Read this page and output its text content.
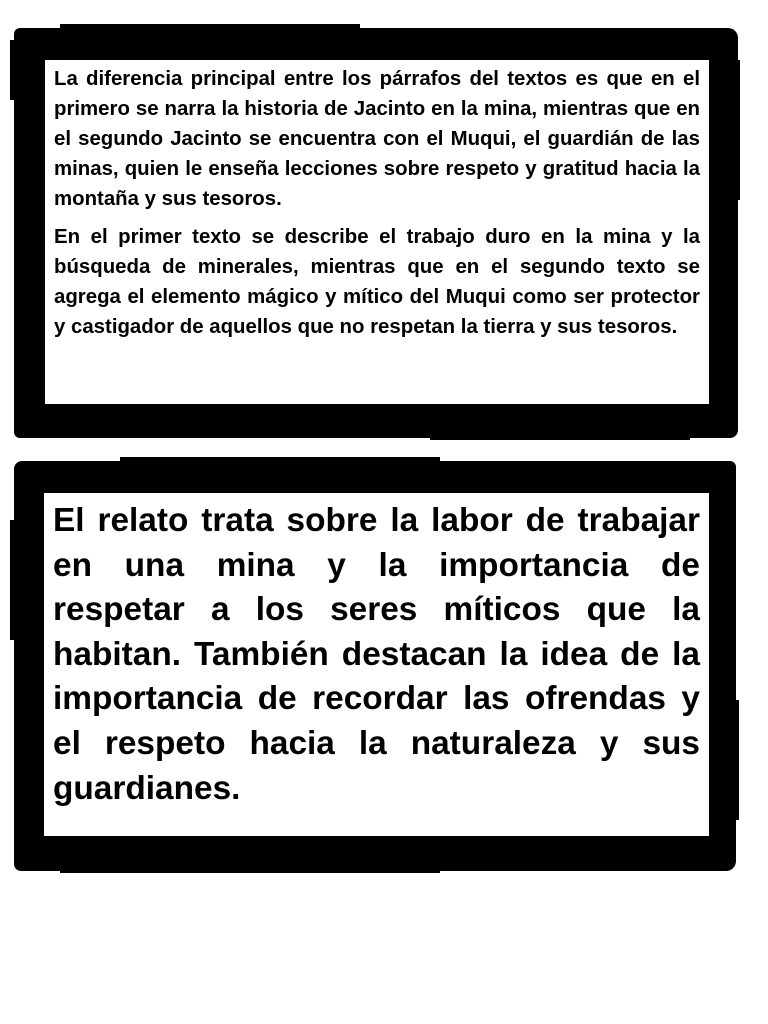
La diferencia principal entre los párrafos del textos es que en el primero se narra la historia de Jacinto en la mina, mientras que en el segundo Jacinto se encuentra con el Muqui, el guardián de las minas, quien le enseña lecciones sobre respeto y gratitud hacia la montaña y sus tesoros.

En el primer texto se describe el trabajo duro en la mina y la búsqueda de minerales, mientras que en el segundo texto se agrega el elemento mágico y mítico del Muqui como ser protector y castigador de aquellos que no respetan la tierra y sus tesoros.

El relato trata sobre la labor de trabajar en una mina y la importancia de respetar a los seres míticos que la habitan. También destacan la idea de la importancia de recordar las ofrendas y el respeto hacia la naturaleza y sus guardianes.
